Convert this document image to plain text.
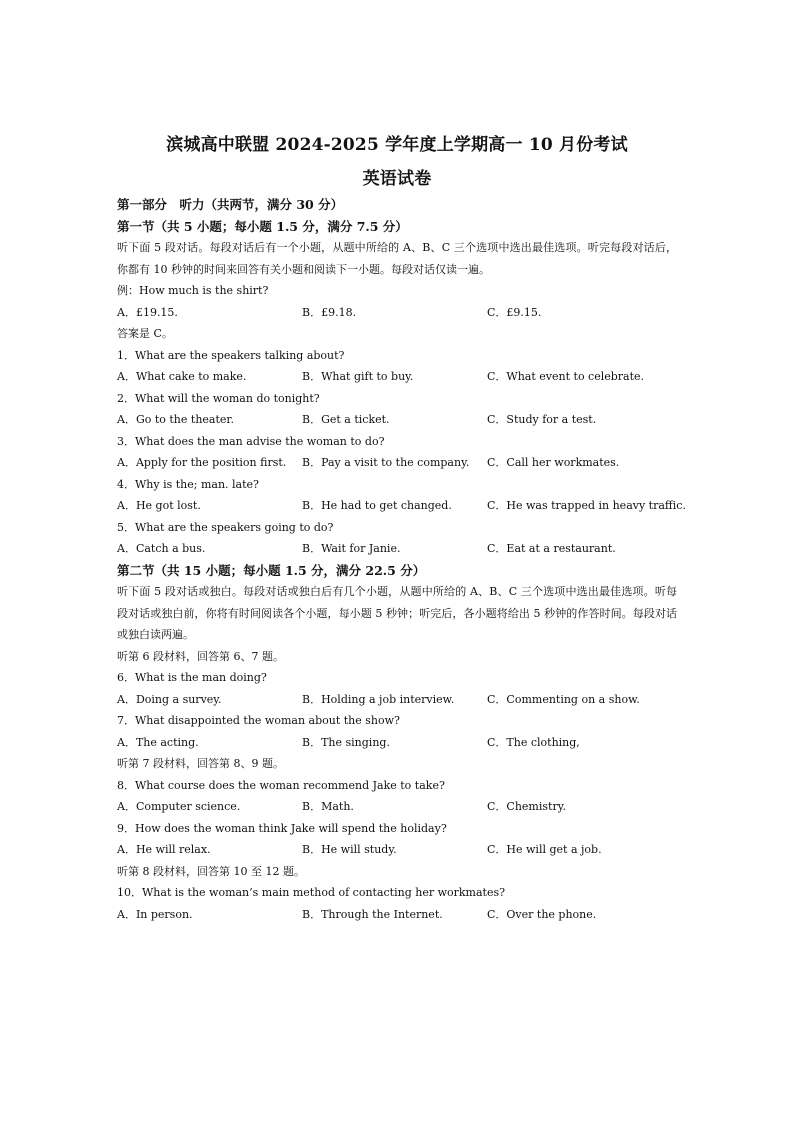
滨城高中联盟 2024-2025 学年度上学期高一 10 月份考试
英语试卷
第一部分　听力（共两节，满分 30 分）
第一节（共 5 小题；每小题 1.5 分，满分 7.5 分）
听下面 5 段对话。每段对话后有一个小题，从题中所给的 A、B、C 三个选项中选出最佳选项。听完每段对话后，你都有 10 秒钟的时间来回答有关小题和阅读下一小题。每段对话仅读一遍。
例：How much is the shirt?
A．£19.15.	B．£9.18.	C．£9.15.
答案是 C。
1．What are the speakers talking about?
A．What cake to make.	B．What gift to buy.	C．What event to celebrate.
2．What will the woman do tonight?
A．Go to the theater.	B．Get a ticket.	C．Study for a test.
3．What does the man advise the woman to do?
A．Apply for the position first. B．Pay a visit to the company. C．Call her workmates.
4．Why is the; man. late?
A．He got lost.	B．He had to get changed.	C．He was trapped in heavy traffic.
5．What are the speakers going to do?
A．Catch a bus.	B．Wait for Janie.	C．Eat at a restaurant.
第二节（共 15 小题；每小题 1.5 分，满分 22.5 分）
听下面 5 段对话或独白。每段对话或独白后有几个小题，从题中所给的 A、B、C 三个选项中选出最佳选项。听每段对话或独白前，你将有时间阅读各个小题，每小题 5 秒钟；听完后，各小题将给出 5 秒钟的作答时间。每段对话或独白读两遍。
听第 6 段材料，回答第 6、7 题。
6．What is the man doing?
A．Doing a survey.	B．Holding a job interview.	C．Commenting on a show.
7．What disappointed the woman about the show?
A．The acting.	B．The singing.	C．The clothing,
听第 7 段材料，回答第 8、9 题。
8．What course does the woman recommend Jake to take?
A．Computer science.	B．Math.	C．Chemistry.
9．How does the woman think Jake will spend the holiday?
A．He will relax.	B．He will study.	C．He will get a job.
听第 8 段材料，回答第 10 至 12 题。
10．What is the woman’s main method of contacting her workmates?
A．In person.	B．Through the Internet.	C．Over the phone.
